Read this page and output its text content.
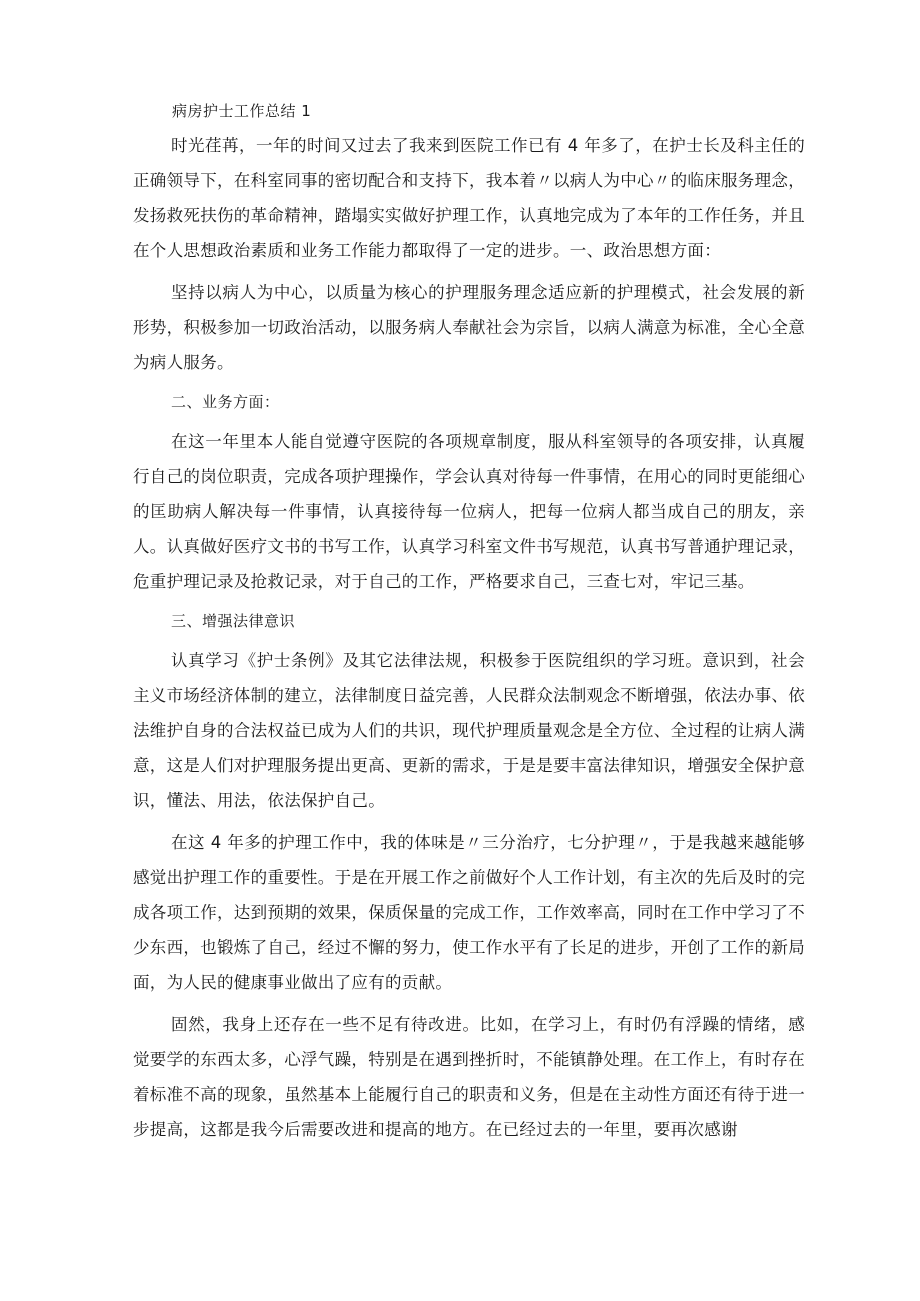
病房护士工作总结 1

时光荏苒，一年的时间又过去了我来到医院工作已有 4 年多了，在护士长及科主任的正确领导下，在科室同事的密切配合和支持下，我本着〃以病人为中心〃的临床服务理念，发扬救死扶伤的革命精神，踏塌实实做好护理工作，认真地完成为了本年的工作任务，并且在个人思想政治素质和业务工作能力都取得了一定的进步。一、政治思想方面：

坚持以病人为中心，以质量为核心的护理服务理念适应新的护理模式，社会发展的新形势，积极参加一切政治活动，以服务病人奉献社会为宗旨，以病人满意为标准，全心全意为病人服务。

二、业务方面：

在这一年里本人能自觉遵守医院的各项规章制度，服从科室领导的各项安排，认真履行自己的岗位职责，完成各项护理操作，学会认真对待每一件事情，在用心的同时更能细心的匡助病人解决每一件事情，认真接待每一位病人，把每一位病人都当成自己的朋友，亲人。认真做好医疗文书的书写工作，认真学习科室文件书写规范，认真书写普通护理记录，危重护理记录及抢救记录，对于自己的工作，严格要求自己，三查七对，牢记三基。

三、增强法律意识

认真学习《护士条例》及其它法律法规，积极参于医院组织的学习班。意识到，社会主义市场经济体制的建立，法律制度日益完善，人民群众法制观念不断增强，依法办事、依法维护自身的合法权益已成为人们的共识，现代护理质量观念是全方位、全过程的让病人满意，这是人们对护理服务提出更高、更新的需求，于是是要丰富法律知识，增强安全保护意识，懂法、用法，依法保护自己。

在这 4 年多的护理工作中，我的体味是〃三分治疗，七分护理〃，于是我越来越能够感觉出护理工作的重要性。于是在开展工作之前做好个人工作计划，有主次的先后及时的完成各项工作，达到预期的效果，保质保量的完成工作，工作效率高，同时在工作中学习了不少东西，也锻炼了自己，经过不懈的努力，使工作水平有了长足的进步，开创了工作的新局面，为人民的健康事业做出了应有的贡献。

固然，我身上还存在一些不足有待改进。比如，在学习上，有时仍有浮躁的情绪，感觉要学的东西太多，心浮气躁，特别是在遇到挫折时，不能镇静处理。在工作上，有时存在着标准不高的现象，虽然基本上能履行自己的职责和义务，但是在主动性方面还有待于进一步提高，这都是我今后需要改进和提高的地方。在已经过去的一年里，要再次感谢
